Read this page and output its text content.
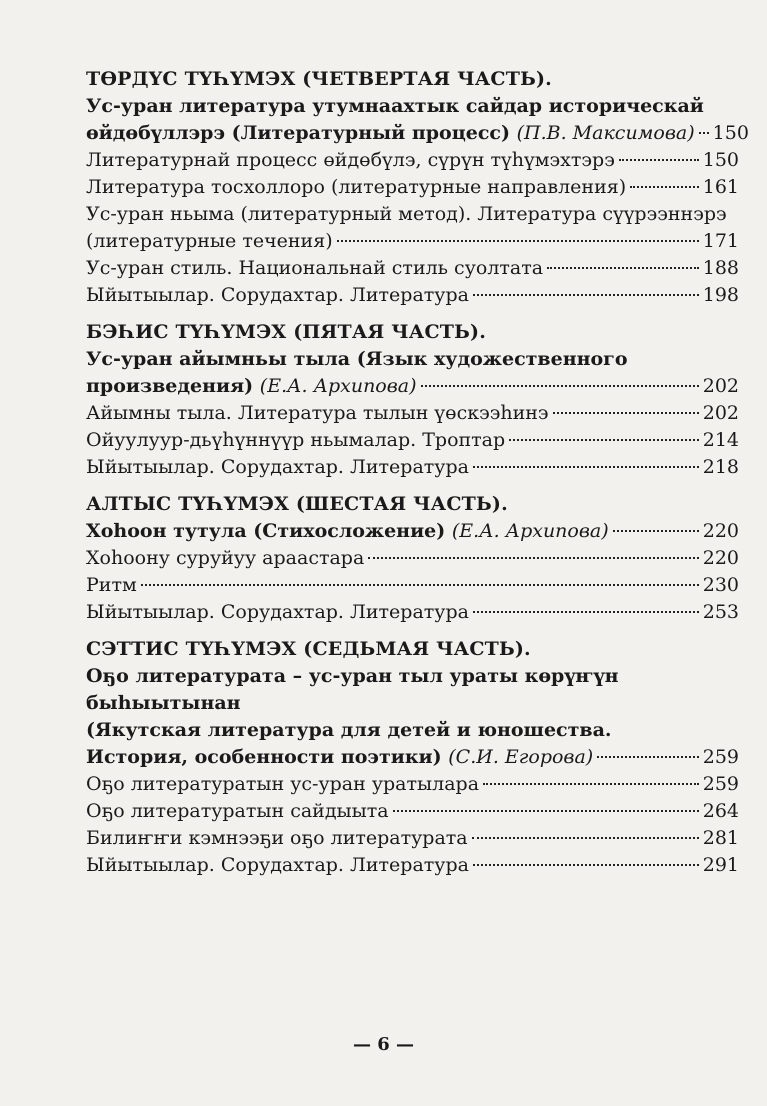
ТӨРДҮС ТҮҺҮМЭХ (ЧЕТВЕРТАЯ ЧАСТЬ).
Ус-уран литература утумнаахтык сайдар историческай
өйдөбүллэрэ (Литературный процесс) (П.В. Максимова) 150
Литературнай процесс өйдөбүлэ, сүрүн түһүмэхтэрэ	150
Литература тосхоллоро (литературные направления)	161
Ус-уран ньыма (литературный метод). Литература сүүрээннэрэ
(литературные течения)	171
Ус-уран стиль. Национальнай стиль суолтата	188
Ыйытыылар. Сорудахтар. Литература	198
БЭҺИС ТҮҺҮМЭХ (ПЯТАЯ ЧАСТЬ).
Ус-уран айымньы тыла (Язык художественного
произведения) (Е.А. Архипова)	202
Айымны тыла. Литература тылын үөскээһинэ	202
Ойуулуур-дьүһүннүүр ньымалар. Троптар	214
Ыйытыылар. Сорудахтар. Литература	218
АЛТЫС ТҮҺҮМЭХ (ШЕСТАЯ ЧАСТЬ).
Хоһоон тутула (Стихосложение) (Е.А. Архипова)	220
Хоһоону суруйуу араастара	220
Ритм	230
Ыйытыылар. Сорудахтар. Литература	253
СЭТТИС ТҮҺҮМЭХ (СЕДЬМАЯ ЧАСТЬ).
Оҕо литературата – ус-уран тыл ураты көрүҥүн быһыытынан
(Якутская литература для детей и юношества.
История, особенности поэтики) (С.И. Егорова)	259
Оҕо литературатын ус-уран уратылара	259
Оҕо литературатын сайдыыта	264
Билиҥҥи кэмнээҕи оҕо литературата	281
Ыйытыылар. Сорудахтар. Литература	291
— 6 —
